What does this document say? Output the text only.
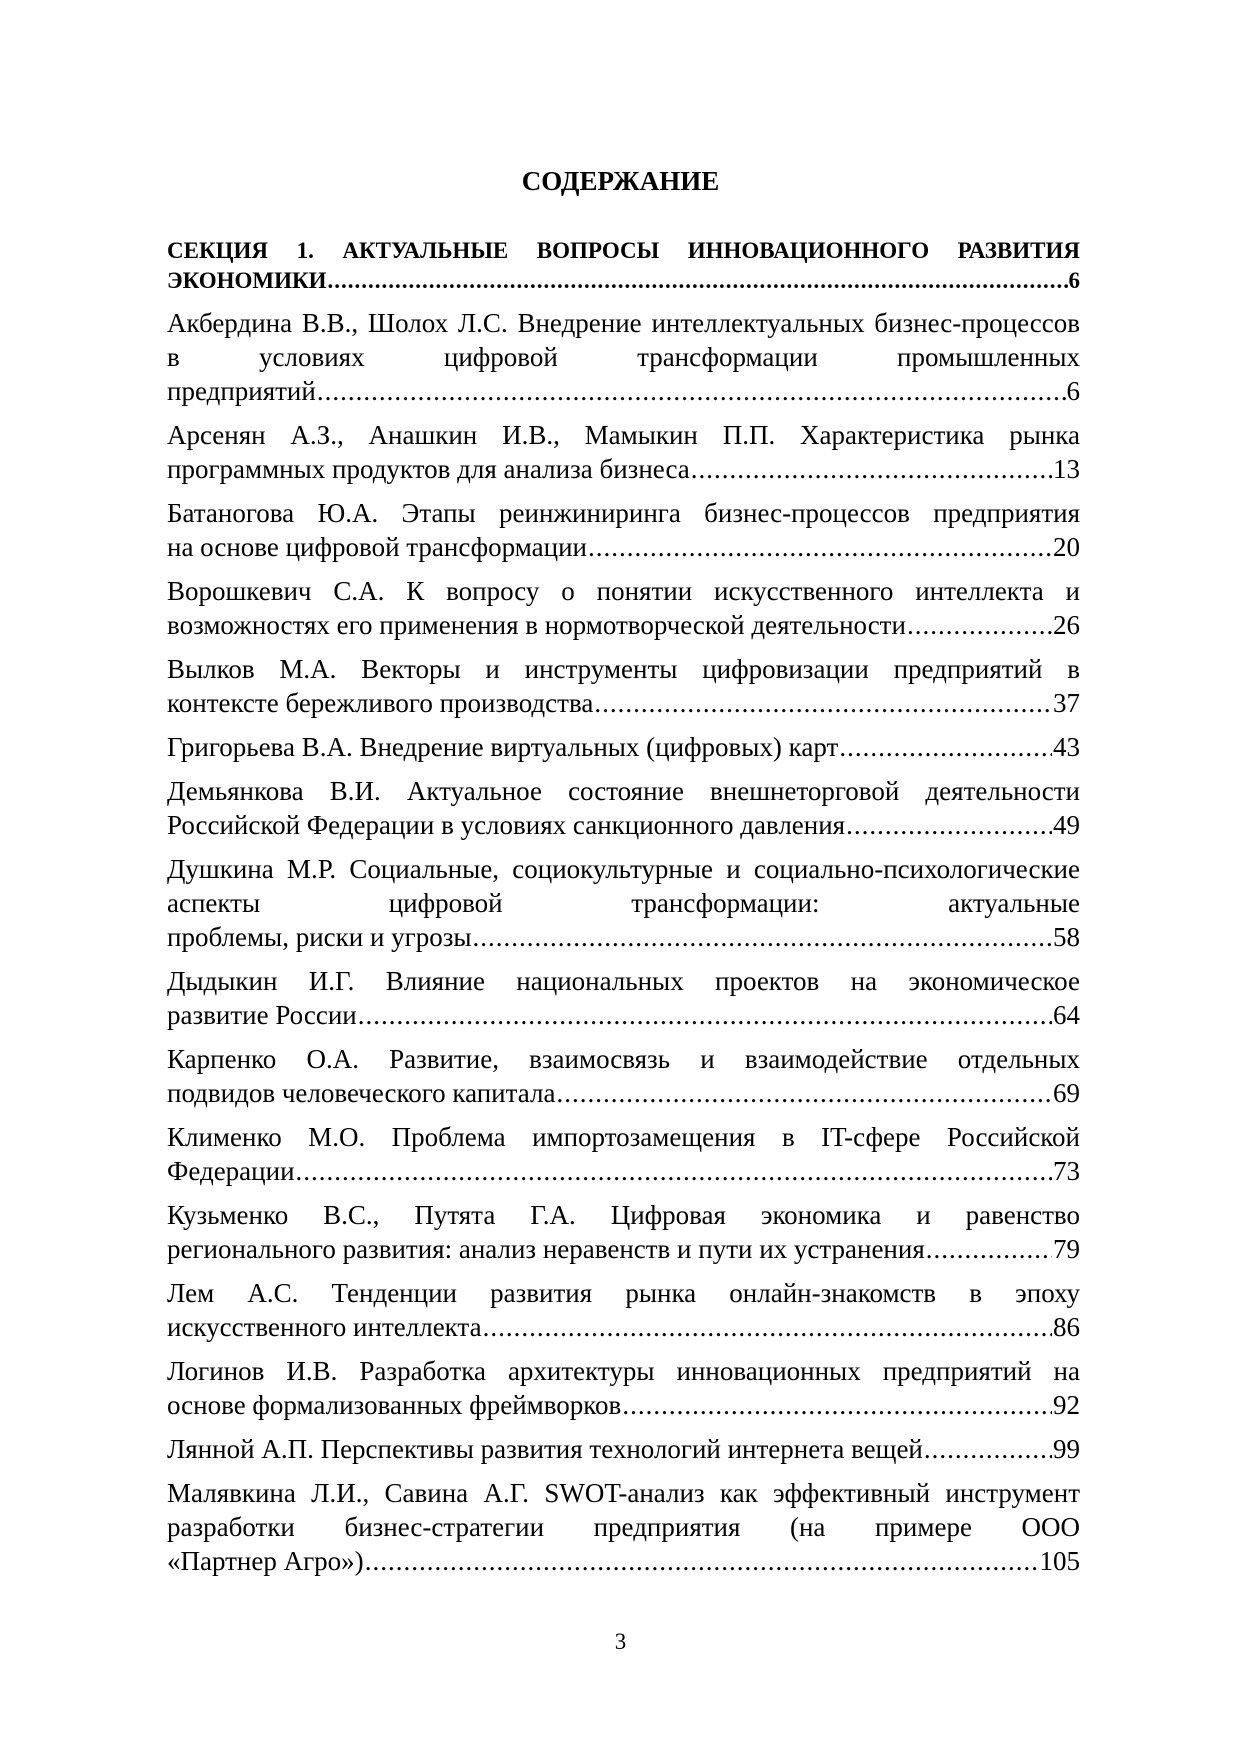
СОДЕРЖАНИЕ
СЕКЦИЯ 1. АКТУАЛЬНЫЕ ВОПРОСЫ ИННОВАЦИОННОГО РАЗВИТИЯ
ЭКОНОМИКИ .....	6
Акбердина В.В., Шолох Л.С. Внедрение интеллектуальных бизнес-процессов в условиях цифровой трансформации промышленных
предприятий .....	6
Арсенян А.З., Анашкин И.В., Мамыкин П.П. Характеристика рынка
программных продуктов для анализа бизнеса .....	13
Батаногова Ю.А. Этапы реинжиниринга бизнес-процессов предприятия
на основе цифровой трансформации .....	20
Ворошкевич С.А. К вопросу о понятии искусственного интеллекта и
возможностях его применения в нормотворческой деятельности .....	26
Вылков М.А. Векторы и инструменты цифровизации предприятий в
контексте бережливого производства .....	37
Григорьева В.А. Внедрение виртуальных (цифровых) карт .....	43
Демьянкова В.И. Актуальное состояние внешнеторговой деятельности
Российской Федерации в условиях санкционного давления .....	49
Душкина М.Р. Социальные, социокультурные и социально-психологические аспекты цифровой трансформации: актуальные
проблемы, риски и угрозы .....	58
Дыдыкин И.Г. Влияние национальных проектов на экономическое
развитие России .....	64
Карпенко О.А. Развитие, взаимосвязь и взаимодействие отдельных
подвидов человеческого капитала .....	69
Клименко М.О. Проблема импортозамещения в IT-сфере Российской
Федерации .....	73
Кузьменко В.С., Путята Г.А. Цифровая экономика и равенство
регионального развития: анализ неравенств и пути их устранения .....	79
Лем А.С. Тенденции развития рынка онлайн-знакомств в эпоху
искусственного интеллекта .....	86
Логинов И.В. Разработка архитектуры инновационных предприятий на
основе формализованных фреймворков .....	92
Лянной А.П. Перспективы развития технологий интернета вещей .....	99
Малявкина Л.И., Савина А.Г. SWOT-анализ как эффективный инструмент разработки бизнес-стратегии предприятия (на примере ООО
«Партнер Агро») .....	105
3
